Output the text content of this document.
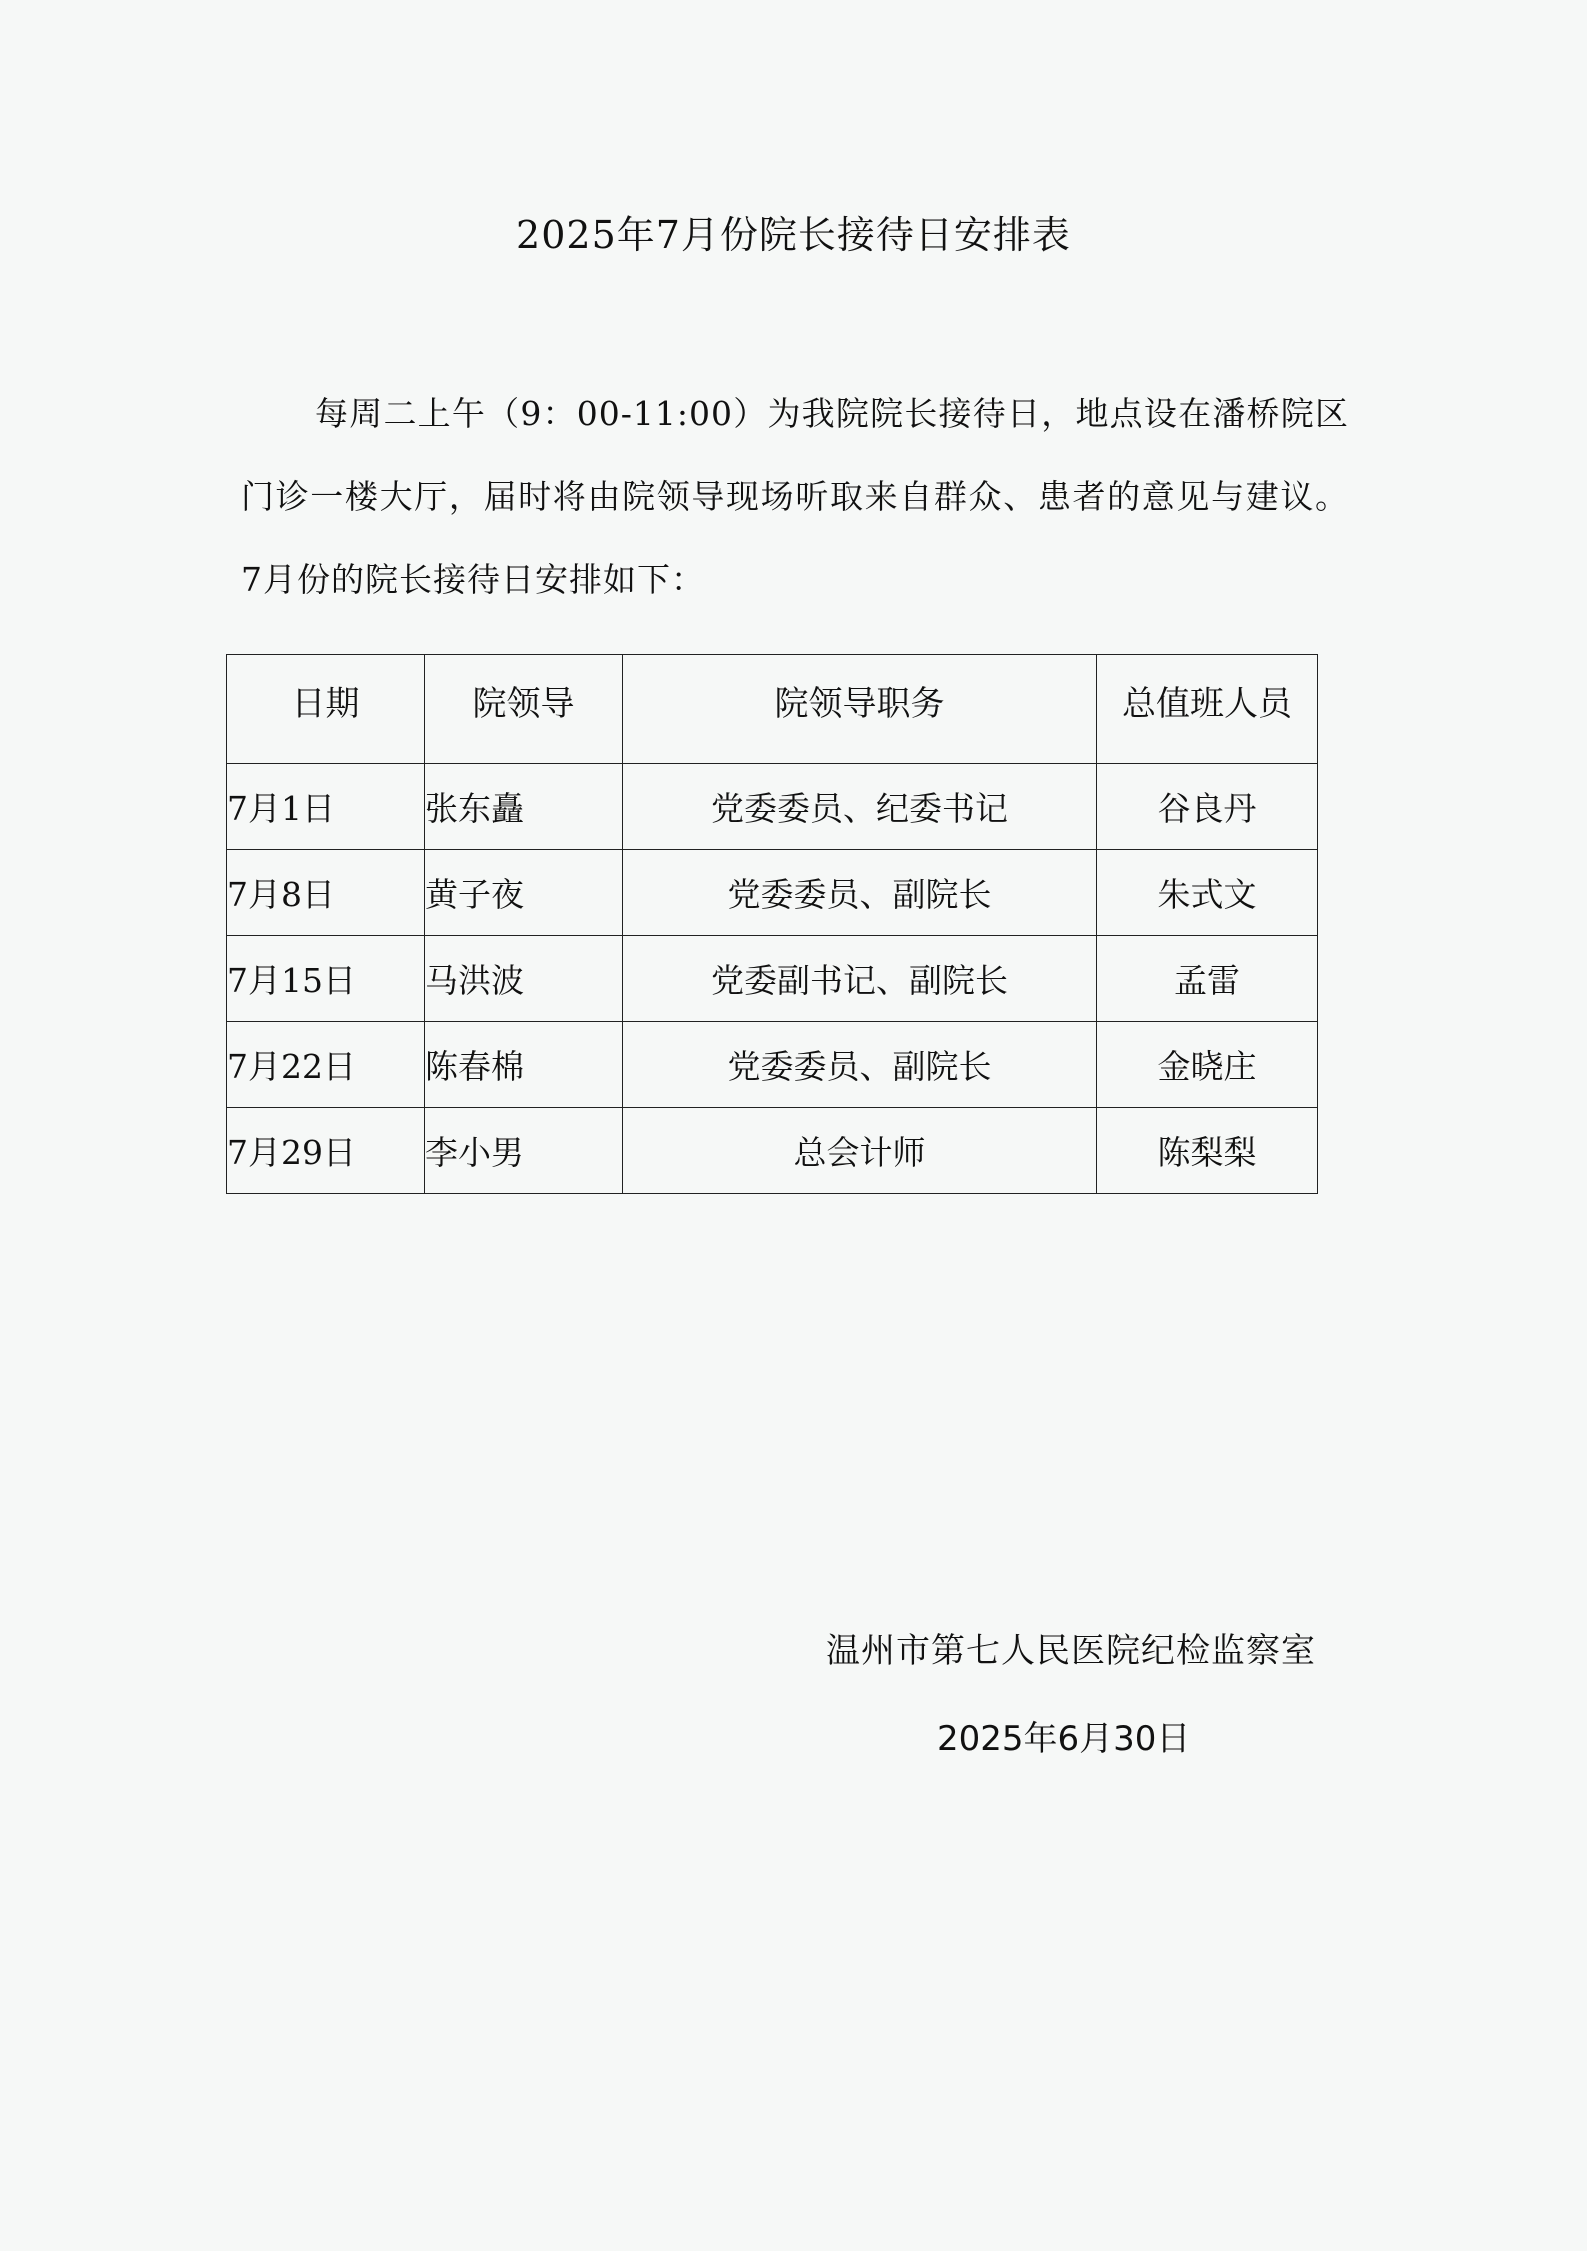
2025年7月份院长接待日安排表

每周二上午（9：00-11:00）为我院院长接待日，地点设在潘桥院区门诊一楼大厅，届时将由院领导现场听取来自群众、患者的意见与建议。7月份的院长接待日安排如下：

日期	院领导	院领导职务	总值班人员
7月1日	张东矗	党委委员、纪委书记	谷良丹
7月8日	黄子夜	党委委员、副院长	朱式文
7月15日	马洪波	党委副书记、副院长	孟雷
7月22日	陈春棉	党委委员、副院长	金晓庄
7月29日	李小男	总会计师	陈梨梨
温州市第七人民医院纪检监察室
2025年6月30日
